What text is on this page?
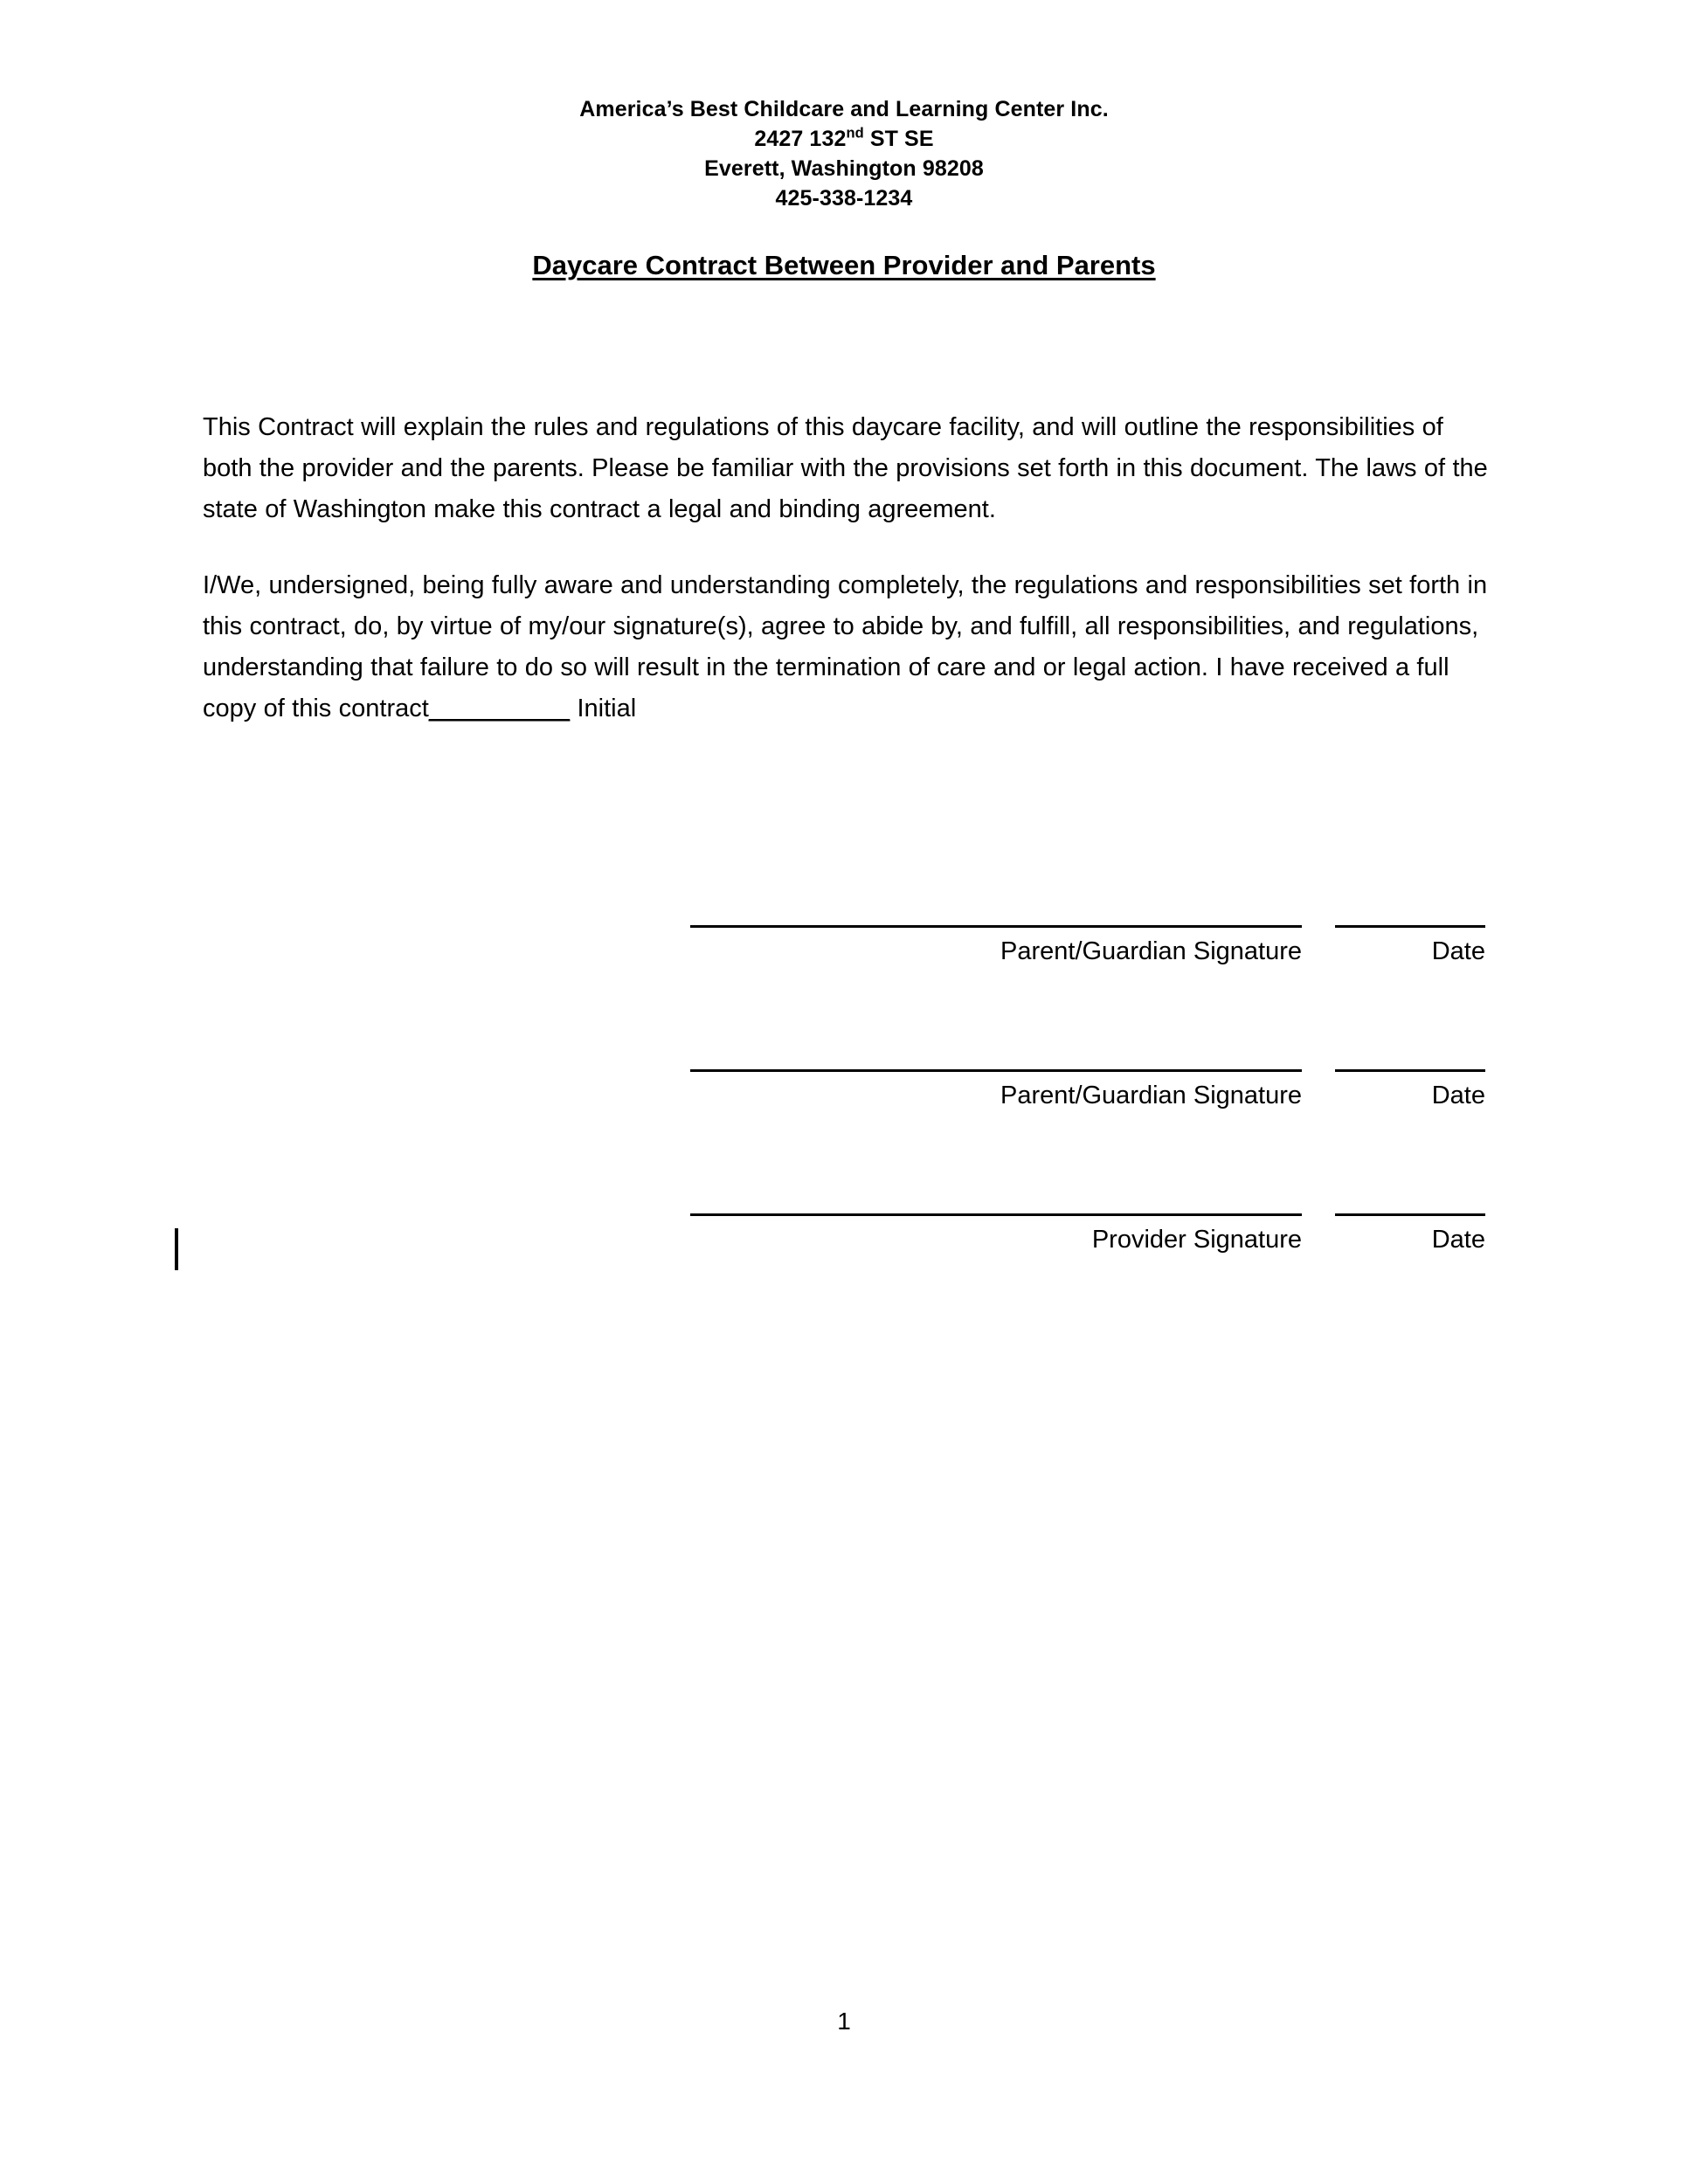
America’s Best Childcare and Learning Center Inc.
2427 132nd ST SE
Everett, Washington 98208
425-338-1234
Daycare Contract Between Provider and Parents

This Contract will explain the rules and regulations of this daycare facility, and will outline the responsibilities of both the provider and the parents. Please be familiar with the provisions set forth in this document. The laws of the state of Washington make this contract a legal and binding agreement.

I/We, undersigned, being fully aware and understanding completely, the regulations and responsibilities set forth in this contract, do, by virtue of my/our signature(s), agree to abide by, and fulfill, all responsibilities, and regulations, understanding that failure to do so will result in the termination of care and or legal action. I have received a full copy of this contract__________ Initial

Parent/Guardian Signature	Date
Parent/Guardian Signature	Date
Provider Signature	Date
1
